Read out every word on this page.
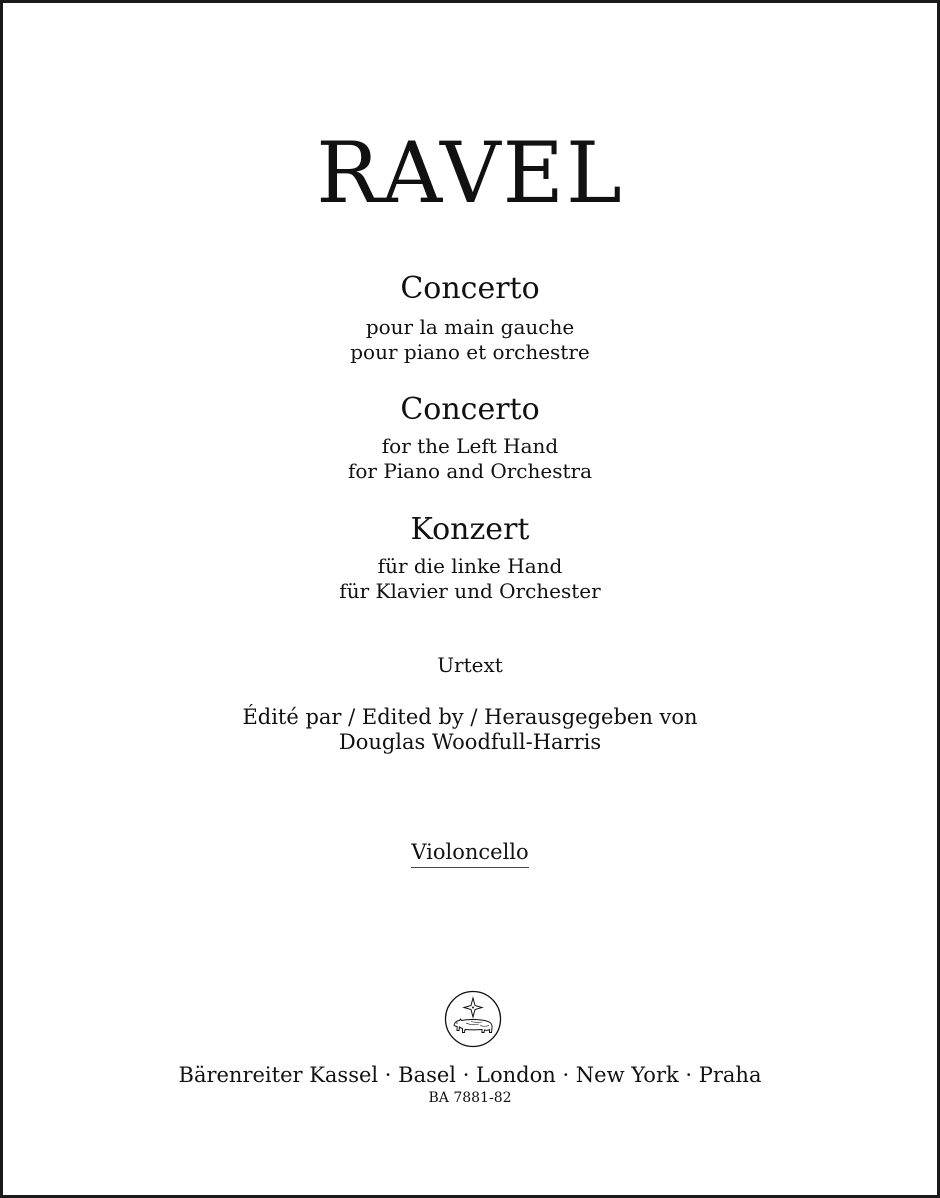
RAVEL
Concerto
pour la main gauche
pour piano et orchestre
Concerto
for the Left Hand
for Piano and Orchestra
Konzert
für die linke Hand
für Klavier und Orchester
Urtext
Édité par / Edited by / Herausgegeben von
Douglas Woodfull-Harris
Violoncello
Bärenreiter Kassel · Basel · London · New York · Praha
BA 7881-82
